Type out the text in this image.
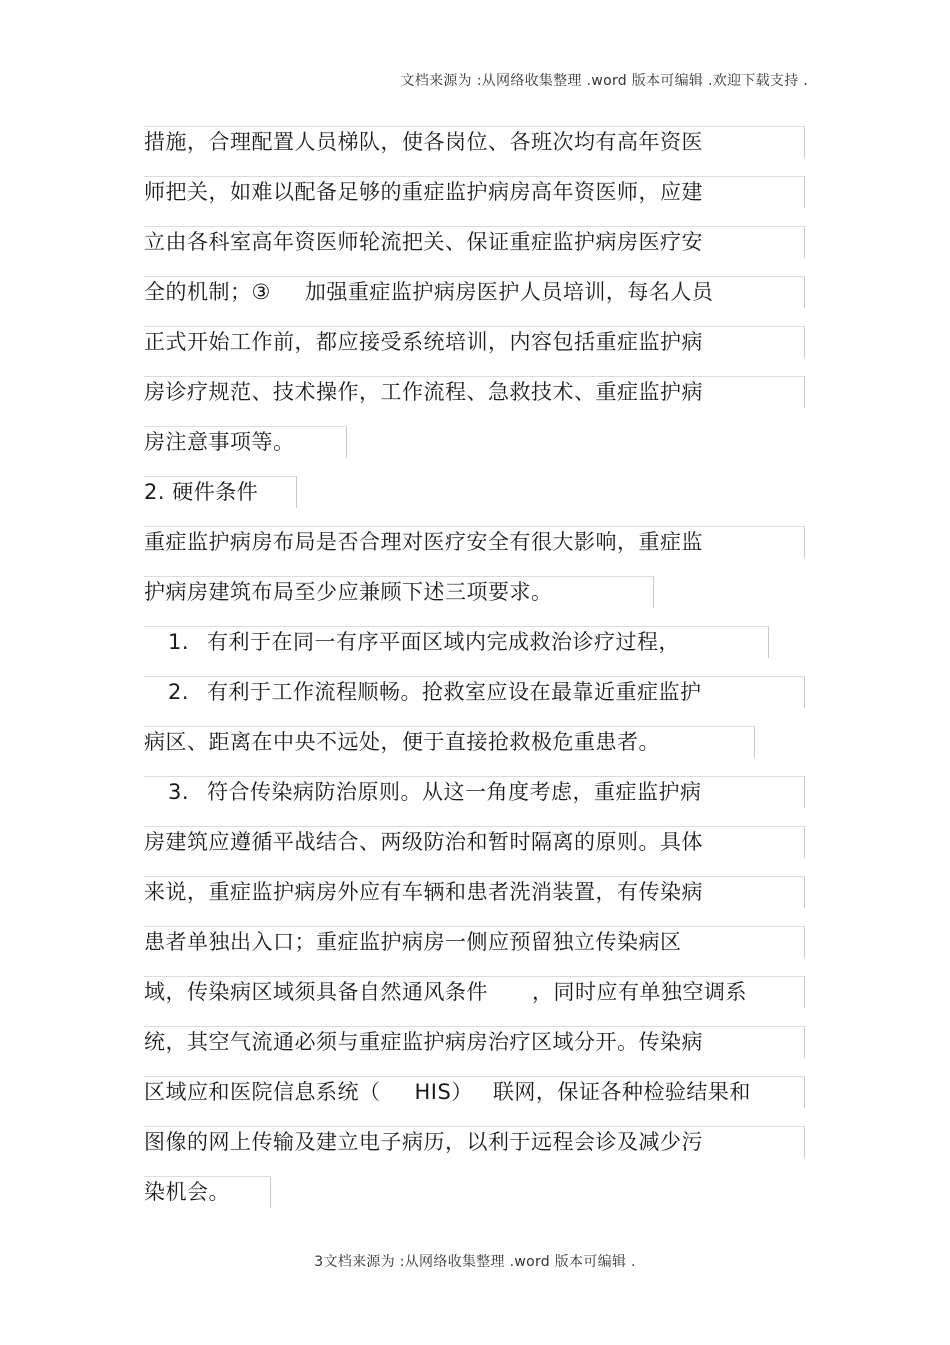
文档来源为 :从网络收集整理 .word 版本可编辑 .欢迎下载支持 .
措施，合理配置人员梯队，使各岗位、各班次均有高年资医
师把关，如难以配备足够的重症监护病房高年资医师，应建
立由各科室高年资医师轮流把关、保证重症监护病房医疗安
全的机制；③ 加强重症监护病房医护人员培训，每名人员
正式开始工作前，都应接受系统培训，内容包括重症监护病
房诊疗规范、技术操作，工作流程、急救技术、重症监护病
房注意事项等。
2. 硬件条件
重症监护病房布局是否合理对医疗安全有很大影响，重症监
护病房建筑布局至少应兼顾下述三项要求。
1. 有利于在同一有序平面区域内完成救治诊疗过程，
2. 有利于工作流程顺畅。抢救室应设在最靠近重症监护
病区、距离在中央不远处，便于直接抢救极危重患者。
3. 符合传染病防治原则。从这一角度考虑，重症监护病
房建筑应遵循平战结合、两级防治和暂时隔离的原则。具体
来说，重症监护病房外应有车辆和患者洗消装置，有传染病
患者单独出入口；重症监护病房一侧应预留独立传染病区
域，传染病区域须具备自然通风条件 ，同时应有单独空调系
统，其空气流通必须与重症监护病房治疗区域分开。传染病
区域应和医院信息系统（ HIS） 联网，保证各种检验结果和
图像的网上传输及建立电子病历，以利于远程会诊及减少污
染机会。
3文档来源为 :从网络收集整理 .word 版本可编辑 .
